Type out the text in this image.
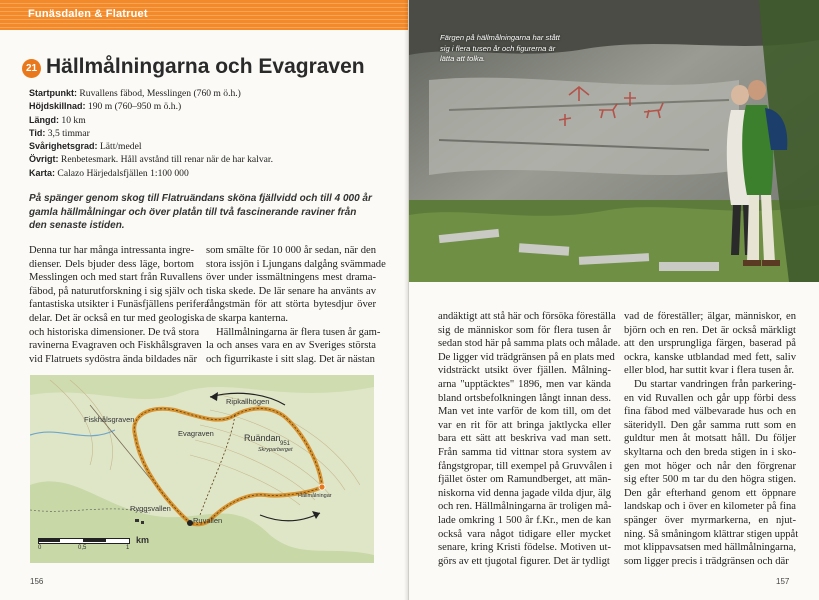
Funäsdalen & Flatruet
21 Hällmålningarna och Evagraven
Startpunkt: Ruvallens fäbod, Messlingen (760 m ö.h.)
Höjdskillnad: 190 m (760–950 m ö.h.)
Längd: 10 km
Tid: 3,5 timmar
Svårighetsgrad: Lätt/medel
Övrigt: Renbetesmark. Håll avstånd till renar när de har kalvar.
Karta: Calazo Härjedalsfjällen 1:100 000
På spänger genom skog till Flatruändans sköna fjällvidd och till 4 000 år gamla hällmålningar och över platån till två fascinerande raviner från den senaste istiden.
Denna tur har många intressanta ingre-
dienser. Dels bjuder dess läge, bortom
Messlingen och med start från Ruvallens
fäbod, på naturutforskning i sig själv och
fantastiska utsikter i Funäsfjällens perifera
delar. Det är också en tur med geologiska
och historiska dimensioner. De två stora
ravinerna Evagraven och Fiskhålsgraven
vid Flatruets sydöstra ända bildades när
som smälte för 10 000 år sedan, när den
stora issjön i Ljungans dalgång svämmade
över under issmältningens mest drama-
tiska skede. De lär senare ha använts av
fångstmän för att störta bytesdjur över
de skarpa kanterna.
Hällmålningarna är flera tusen år gam-
la och anses vara en av Sveriges största
och figurrikaste i sitt slag. Det är nästan
Ripkallhögen
Fiskhålsgraven
Evagraven	Ruändan
951
Skryparberget
Hällmålningar
Ryggsvallen
Ruvallen
0	0,5	1
km
156
Färgen på hällmålningarna har stått sig i flera tusen år och figurerna är lätta att tolka.
andäktigt att stå här och försöka föreställa
sig de människor som för flera tusen år
sedan stod här på samma plats och målade.
De ligger vid trädgränsen på en plats med
vidsträckt utsikt över fjällen. Målning-
arna "upptäcktes" 1896, men var kända
bland ortsbefolkningen långt innan dess.
Man vet inte varför de kom till, om det
var en rit för att bringa jaktlycka eller
bara ett sätt att beskriva vad man sett.
Från samma tid vittnar stora system av
fångstgropar, till exempel på Gruvvålen i
fjället öster om Ramundberget, att män-
niskorna vid denna jagade vilda djur, älg
och ren. Hällmålningarna är troligen må-
lade omkring 1 500 år f.Kr., men de kan
också vara något tidigare eller mycket
senare, kring Kristi födelse. Motiven ut-
görs av ett tjugotal figurer. Det är tydligt
vad de föreställer; älgar, människor, en
björn och en ren. Det är också märkligt
att den ursprungliga färgen, baserad på
ockra, kanske utblandad med fett, saliv
eller blod, har suttit kvar i flera tusen år.
Du startar vandringen från parkering-
en vid Ruvallen och går upp förbi dess
fina fäbod med välbevarade hus och en
säteridyll. Den går samma rutt som en
guldtur men åt motsatt håll. Du följer
skyltarna och den breda stigen in i sko-
gen mot höger och når den förgrenar
sig efter 500 m tar du den högra stigen.
Den går efterhand genom ett öppnare
landskap och i över en kilometer på fina
spänger över myrmarkerna, en njut-
ning. Så småningom klättrar stigen uppåt
mot klippavsatsen med hällmålningarna,
som ligger precis i trädgränsen och där
157
